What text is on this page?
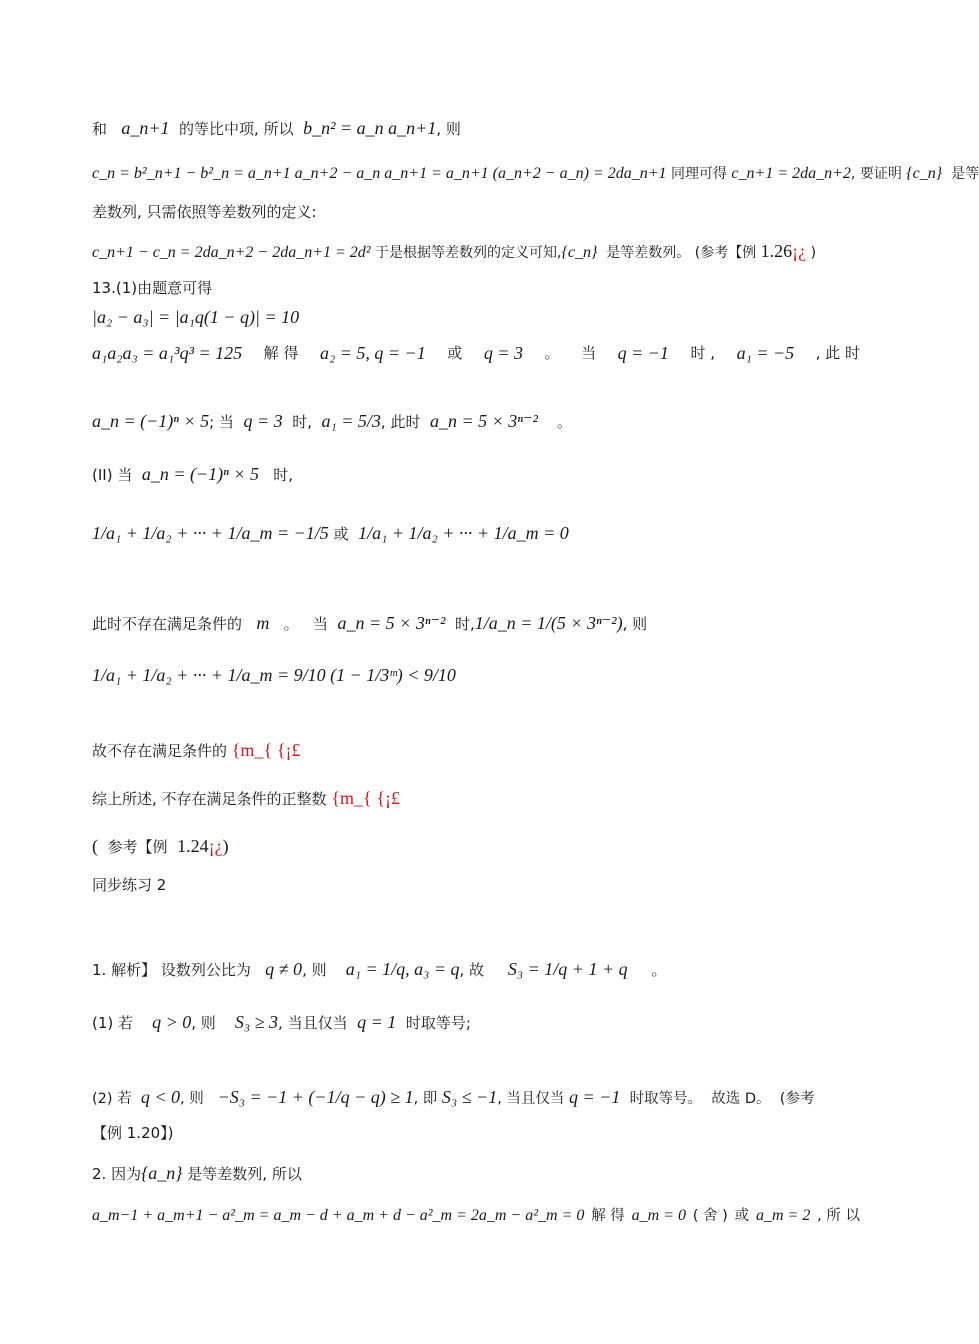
和 a_n+1 的等比中项, 所以 b_n² = a_n a_n+1, 则
c_n = b²_n+1 − b²_n = a_n+1 a_n+2 − a_n a_n+1 = a_n+1 (a_n+2 − a_n) = 2da_n+1 同理可得 c_n+1 = 2da_n+2, 要证明 {c_n} 是等
差数列, 只需依照等差数列的定义:
c_n+1 − c_n = 2da_n+2 − 2da_n+1 = 2d² 于是根据等差数列的定义可知,{c_n} 是等差数列。 (参考【例 1.26¡¿ )
13.(1)由题意可得
|a₂ − a₃| = |a₁q(1 − q)| = 10
a₁a₂a₃ = a₁³q³ = 125 解 得 a₂ = 5, q = −1 或 q = 3 。 当 q = −1 时 , a₁ = −5 , 此 时
a_n = (−1)ⁿ × 5; 当 q = 3 时, a₁ = 5/3, 此时 a_n = 5 × 3ⁿ⁻² 。
(II) 当 a_n = (−1)ⁿ × 5 时,
1/a₁ + 1/a₂ + ··· + 1/a_m = −1/5 或 1/a₁ + 1/a₂ + ··· + 1/a_m = 0
此时不存在满足条件的 m 。 当 a_n = 5 × 3ⁿ⁻² 时,1/a_n = 1/(5 × 3ⁿ⁻²), 则
1/a₁ + 1/a₂ + ··· + 1/a_m = 9/10 (1 − 1/3ᵐ) < 9/10
故不存在满足条件的 {m_{ {¡£
综上所述, 不存在满足条件的正整数 {m_{ {¡£
( 参考【例 1.24¡¿)
同步练习 2
1. 解析】 设数列公比为 q ≠ 0, 则 a₁ = 1/q, a₃ = q, 故 S₃ = 1/q + 1 + q 。
(1) 若 q > 0, 则 S₃ ≥ 3, 当且仅当 q = 1 时取等号;
(2) 若 q < 0, 则 −S₃ = −1 + (−1/q − q) ≥ 1, 即 S₃ ≤ −1, 当且仅当 q = −1 时取等号。 故选 D。 (参考
【例 1.20】)
2. 因为{a_n} 是等差数列, 所以
a_m−1 + a_m+1 − a²_m = a_m − d + a_m + d − a²_m = 2a_m − a²_m = 0 解 得 a_m = 0 ( 舍 ) 或 a_m = 2 , 所 以
